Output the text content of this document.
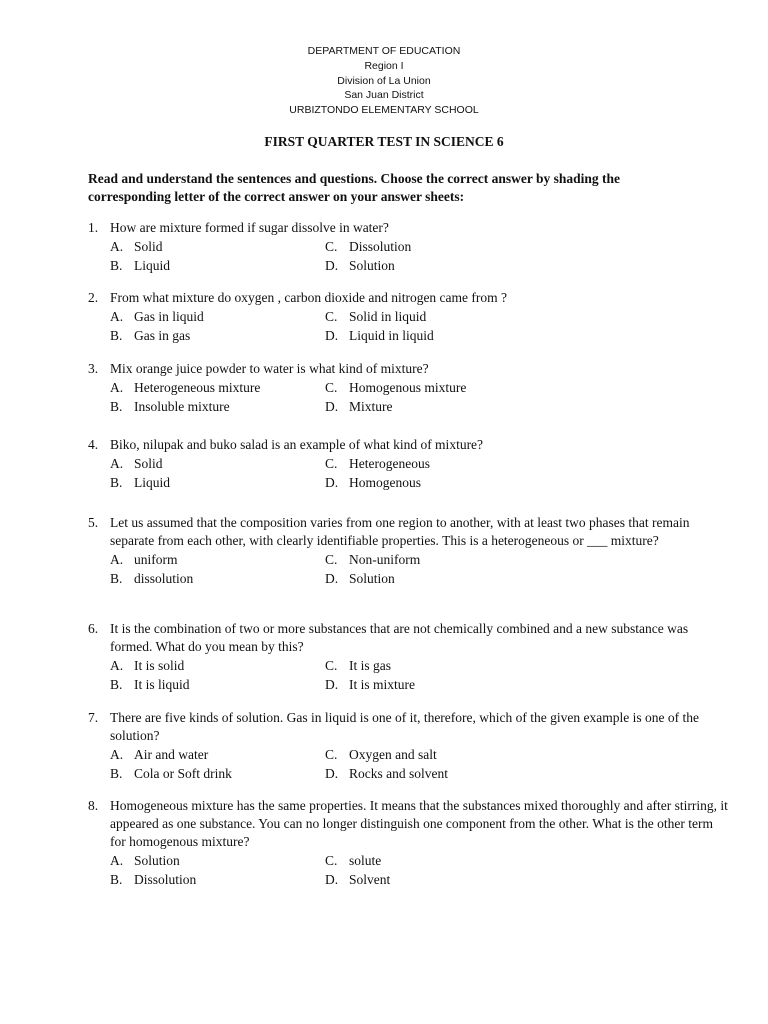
DEPARTMENT OF EDUCATION
Region I
Division of La Union
San Juan District
URBIZTONDO ELEMENTARY SCHOOL
FIRST QUARTER TEST IN SCIENCE 6
Read and understand the sentences and questions. Choose the correct answer by shading the corresponding letter of the correct answer on your answer sheets:
1. How are mixture formed if sugar dissolve in water?
A. Solid	C. Dissolution
B. Liquid	D. Solution
2. From what mixture do oxygen , carbon dioxide and nitrogen came from ?
A. Gas in liquid	C. Solid in liquid
B. Gas in gas	D. Liquid in liquid
3. Mix orange juice powder to water is what kind of mixture?
A. Heterogeneous mixture	C. Homogenous mixture
B. Insoluble mixture	D. Mixture
4. Biko, nilupak and buko salad is an example of what kind of mixture?
A. Solid	C. Heterogeneous
B. Liquid	D. Homogenous
5. Let us assumed that the composition varies from one region to another, with at least two phases that remain separate from each other, with clearly identifiable properties. This is a heterogeneous or ___ mixture?
A. uniform	C. Non-uniform
B. dissolution	D. Solution
6. It is the combination of two or more substances that are not chemically combined and a new substance was formed. What do you mean by this?
A. It is solid	C. It is gas
B. It is liquid	D. It is mixture
7. There are five kinds of solution. Gas in liquid is one of it, therefore, which of the given example is one of the solution?
A. Air and water	C. Oxygen and salt
B. Cola or Soft drink	D. Rocks and solvent
8. Homogeneous mixture has the same properties. It means that the substances mixed thoroughly and after stirring, it appeared as one substance. You can no longer distinguish one component from the other. What is the other term for homogenous mixture?
A. Solution	C. solute
B. Dissolution	D. Solvent
